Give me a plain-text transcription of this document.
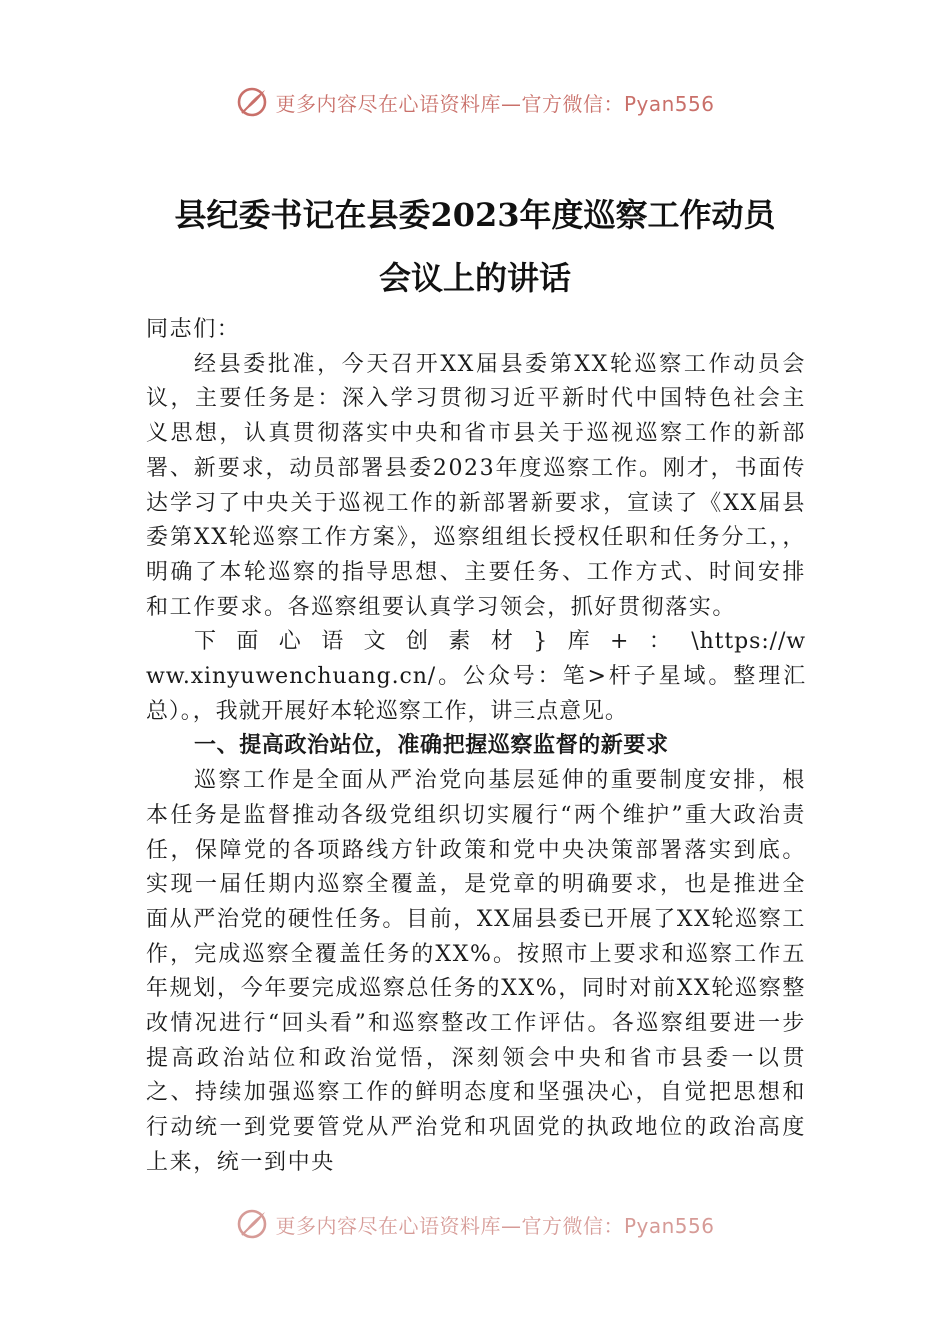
更多内容尽在心语资料库—官方微信：Pyan556
县纪委书记在县委2023年度巡察工作动员
会议上的讲话

同志们：

经县委批准，今天召开XX届县委第XX轮巡察工作动员会议，主要任务是：深入学习贯彻习近平新时代中国特色社会主义思想，认真贯彻落实中央和省市县关于巡视巡察工作的新部署、新要求，动员部署县委2023年度巡察工作。刚才，书面传达学习了中央关于巡视工作的新部署新要求，宣读了《XX届县委第XX轮巡察工作方案》，巡察组组长授权任职和任务分工，，明确了本轮巡察的指导思想、主要任务、工作方式、时间安排和工作要求。各巡察组要认真学习领会，抓好贯彻落实。

下面心语文创素材}库+：\https://www.xinyuwenchuang.cn/。公众号：笔>杆子星域。整理汇总）。，我就开展好本轮巡察工作，讲三点意见。

一、提高政治站位，准确把握巡察监督的新要求

巡察工作是全面从严治党向基层延伸的重要制度安排，根本任务是监督推动各级党组织切实履行“两个维护”重大政治责任，保障党的各项路线方针政策和党中央决策部署落实到底。实现一届任期内巡察全覆盖，是党章的明确要求，也是推进全面从严治党的硬性任务。目前，XX届县委已开展了XX轮巡察工作，完成巡察全覆盖任务的XX%。按照市上要求和巡察工作五年规划，今年要完成巡察总任务的XX%，同时对前XX轮巡察整改情况进行“回头看”和巡察整改工作评估。各巡察组要进一步提高政治站位和政治觉悟，深刻领会中央和省市县委一以贯之、持续加强巡察工作的鲜明态度和坚强决心，自觉把思想和行动统一到党要管党从严治党和巩固党的执政地位的政治高度上来，统一到中央

更多内容尽在心语资料库—官方微信：Pyan556
